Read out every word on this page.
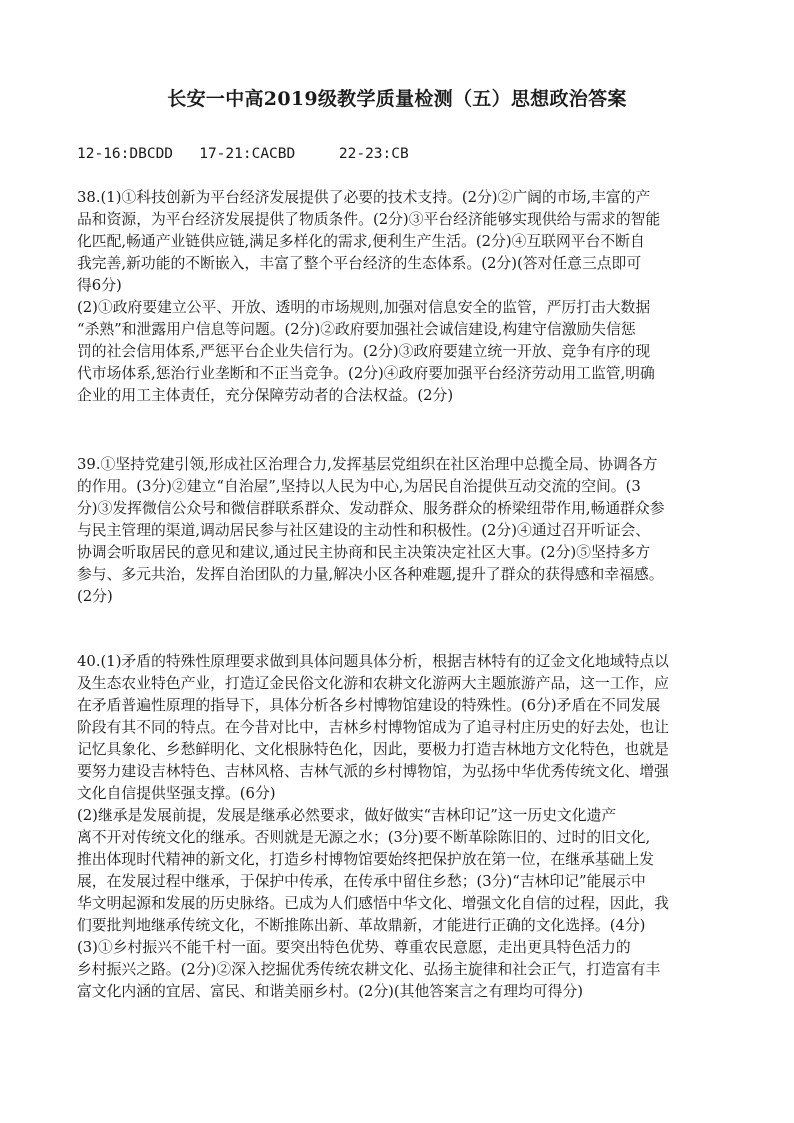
长安一中高2019级教学质量检测（五）思想政治答案
12-16:DBCDD   17-21:CACBD     22-23:CB
38.(1)①科技创新为平台经济发展提供了必要的技术支持。(2分)②广阔的市场,丰富的产
品和资源，为平台经济发展提供了物质条件。(2分)③平台经济能够实现供给与需求的智能
化匹配,畅通产业链供应链,满足多样化的需求,便利生产生活。(2分)④互联网平台不断自
我完善,新功能的不断嵌入，丰富了整个平台经济的生态体系。(2分)(答对任意三点即可
得6分)
(2)①政府要建立公平、开放、透明的市场规则,加强对信息安全的监管，严厉打击大数据
“杀熟”和泄露用户信息等问题。(2分)②政府要加强社会诚信建设,构建守信激励失信惩
罚的社会信用体系,严惩平台企业失信行为。(2分)③政府要建立统一开放、竞争有序的现
代市场体系,惩治行业垄断和不正当竞争。(2分)④政府要加强平台经济劳动用工监管,明确
企业的用工主体责任，充分保障劳动者的合法权益。(2分)
39.①坚持党建引领,形成社区治理合力,发挥基层党组织在社区治理中总揽全局、协调各方
的作用。(3分)②建立“自治屋”,坚持以人民为中心,为居民自治提供互动交流的空间。(3
分)③发挥微信公众号和微信群联系群众、发动群众、服务群众的桥梁纽带作用,畅通群众参
与民主管理的渠道,调动居民参与社区建设的主动性和积极性。(2分)④通过召开听证会、
协调会听取居民的意见和建议,通过民主协商和民主决策决定社区大事。(2分)⑤坚持多方
参与、多元共治，发挥自治团队的力量,解决小区各种难题,提升了群众的获得感和幸福感。
(2分)
40.(1)矛盾的特殊性原理要求做到具体问题具体分析，根据吉林特有的辽金文化地域特点以
及生态农业特色产业，打造辽金民俗文化游和农耕文化游两大主题旅游产品，这一工作，应
在矛盾普遍性原理的指导下，具体分析各乡村博物馆建设的特殊性。(6分)矛盾在不同发展
阶段有其不同的特点。在今昔对比中，吉林乡村博物馆成为了追寻村庄历史的好去处，也让
记忆具象化、乡愁鲜明化、文化根脉特色化，因此，要极力打造吉林地方文化特色，也就是
要努力建设吉林特色、吉林风格、吉林气派的乡村博物馆，为弘扬中华优秀传统文化、增强
文化自信提供坚强支撑。(6分)
(2)继承是发展前提，发展是继承必然要求，做好做实“吉林印记”这一历史文化遗产
离不开对传统文化的继承。否则就是无源之水；(3分)要不断革除陈旧的、过时的旧文化,
推出体现时代精神的新文化，打造乡村博物馆要始终把保护放在第一位，在继承基础上发
展，在发展过程中继承，于保护中传承，在传承中留住乡愁；(3分)“吉林印记”能展示中
华文明起源和发展的历史脉络。已成为人们感悟中华文化、增强文化自信的过程，因此，我
们要批判地继承传统文化，不断推陈出新、革故鼎新，才能进行正确的文化选择。(4分)
(3)①乡村振兴不能千村一面。要突出特色优势、尊重农民意愿，走出更具特色活力的
乡村振兴之路。(2分)②深入挖掘优秀传统农耕文化、弘扬主旋律和社会正气，打造富有丰
富文化内涵的宜居、富民、和谐美丽乡村。(2分)(其他答案言之有理均可得分)
